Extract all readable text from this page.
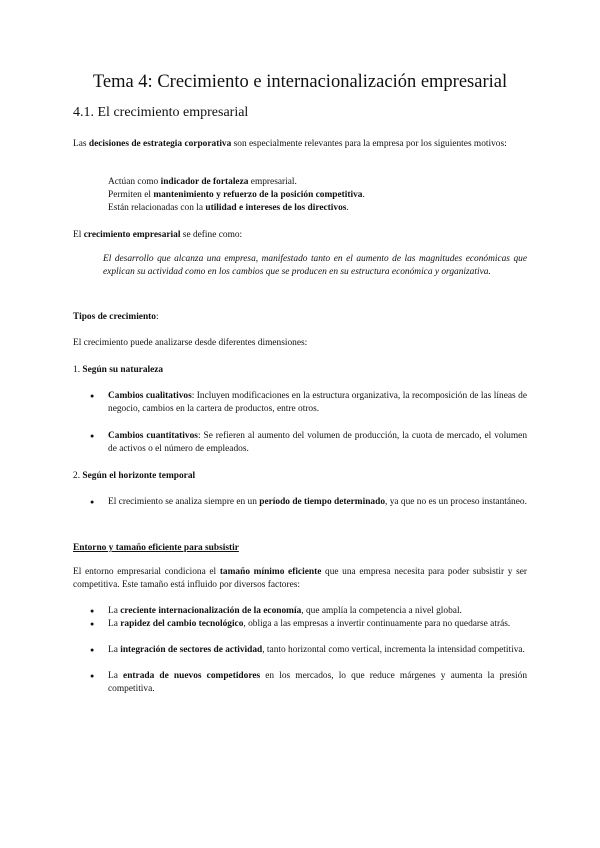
Tema 4: Crecimiento e internacionalización empresarial
4.1. El crecimiento empresarial

Las decisiones de estrategia corporativa son especialmente relevantes para la empresa por los siguientes motivos:

Actúan como indicador de fortaleza empresarial.

Permiten el mantenimiento y refuerzo de la posición competitiva.

Están relacionadas con la utilidad e intereses de los directivos.

El crecimiento empresarial se define como:

El desarrollo que alcanza una empresa, manifestado tanto en el aumento de las magnitudes económicas que explican su actividad como en los cambios que se producen en su estructura económica y organizativa.

Tipos de crecimiento:

El crecimiento puede analizarse desde diferentes dimensiones:

1. Según su naturaleza

● Cambios cualitativos: Incluyen modificaciones en la estructura organizativa, la recomposición de las líneas de negocio, cambios en la cartera de productos, entre otros.

● Cambios cuantitativos: Se refieren al aumento del volumen de producción, la cuota de mercado, el volumen de activos o el número de empleados.

2. Según el horizonte temporal

● El crecimiento se analiza siempre en un período de tiempo determinado, ya que no es un proceso instantáneo.

Entorno y tamaño eficiente para subsistir

El entorno empresarial condiciona el tamaño mínimo eficiente que una empresa necesita para poder subsistir y ser competitiva. Este tamaño está influido por diversos factores:

● La creciente internacionalización de la economía, que amplía la competencia a nivel global.

● La rapidez del cambio tecnológico, obliga a las empresas a invertir continuamente para no quedarse atrás.

● La integración de sectores de actividad, tanto horizontal como vertical, incrementa la intensidad competitiva.

● La entrada de nuevos competidores en los mercados, lo que reduce márgenes y aumenta la presión competitiva.
